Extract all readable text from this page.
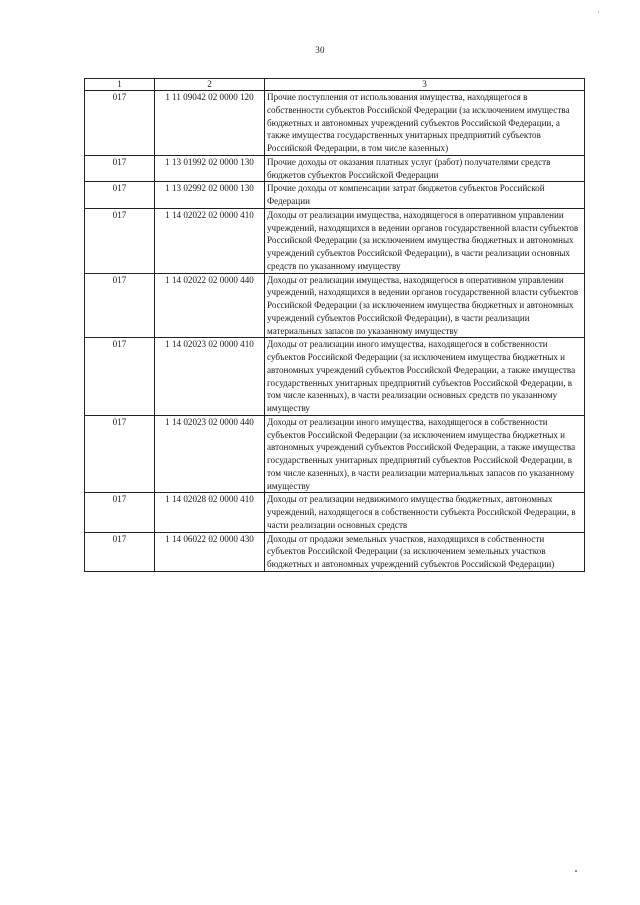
30
1	2	3
017	1 11 09042 02 0000 120	Прочие поступления от использования имущества, находящегося в собственности субъектов Российской Федерации (за исключением имущества бюджетных и автономных учреждений субъектов Российской Федерации, а также имущества государственных унитарных предприятий субъектов Российской Федерации, в том числе казенных)
017	1 13 01992 02 0000 130	Прочие доходы от оказания платных услуг (работ) получателями средств бюджетов субъектов Российской Федерации
017	1 13 02992 02 0000 130	Прочие доходы от компенсации затрат бюджетов субъектов Российской Федерации
017	1 14 02022 02 0000 410	Доходы от реализации имущества, находящегося в оперативном управлении учреждений, находящихся в ведении органов государственной власти субъектов Российской Федерации (за исключением имущества бюджетных и автономных учреждений субъектов Российской Федерации), в части реализации основных средств по указанному имуществу
017	1 14 02022 02 0000 440	Доходы от реализации имущества, находящегося в оперативном управлении учреждений, находящихся в ведении органов государственной власти субъектов Российской Федерации (за исключением имущества бюджетных и автономных учреждений субъектов Российской Федерации), в части реализации материальных запасов по указанному имуществу
017	1 14 02023 02 0000 410	Доходы от реализации иного имущества, находящегося в собственности субъектов Российской Федерации (за исключением имущества бюджетных и автономных учреждений субъектов Российской Федерации, а также имущества государственных унитарных предприятий субъектов Российской Федерации, в том числе казенных), в части реализации основных средств по указанному имуществу
017	1 14 02023 02 0000 440	Доходы от реализации иного имущества, находящегося в собственности субъектов Российской Федерации (за исключением имущества бюджетных и автономных учреждений субъектов Российской Федерации, а также имущества государственных унитарных предприятий субъектов Российской Федерации, в том числе казенных), в части реализации материальных запасов по указанному имуществу
017	1 14 02028 02 0000 410	Доходы от реализации недвижимого имущества бюджетных, автономных учреждений, находящегося в собственности субъекта Российской Федерации, в части реализации основных средств
017	1 14 06022 02 0000 430	Доходы от продажи земельных участков, находящихся в собственности субъектов Российской Федерации (за исключением земельных участков бюджетных и автономных учреждений субъектов Российской Федерации)
